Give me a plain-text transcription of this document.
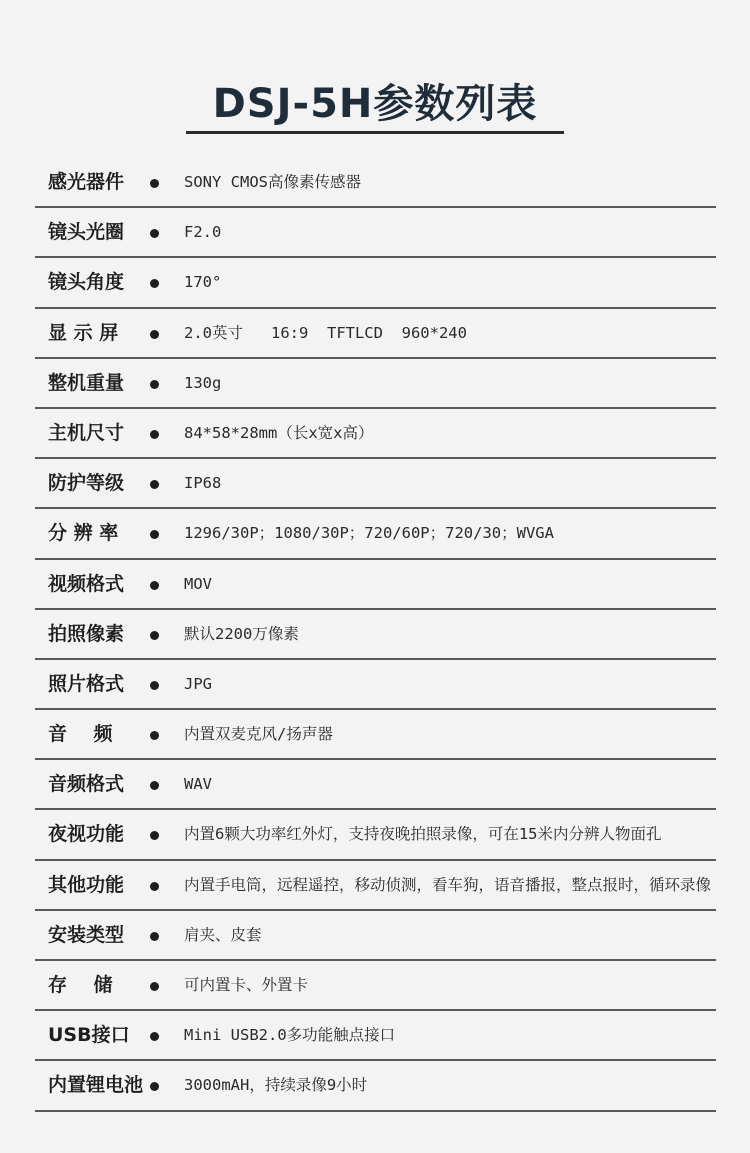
DSJ-5H参数列表
感光器件	SONY CMOS高像素传感器
镜头光圈	F2.0
镜头角度	170°
显 示 屏	2.0英寸   16:9  TFTLCD  960*240
整机重量	130g
主机尺寸	84*58*28mm（长x宽x高）
防护等级	IP68
分 辨 率	1296/30P；1080/30P；720/60P；720/30；WVGA
视频格式	MOV
拍照像素	默认2200万像素
照片格式	JPG
音    频	内置双麦克风/扬声器
音频格式	WAV
夜视功能	内置6颗大功率红外灯，支持夜晚拍照录像，可在15米内分辨人物面孔
其他功能	内置手电筒，远程遥控，移动侦测，看车狗，语音播报，整点报时，循环录像
安装类型	肩夹、皮套
存    储	可内置卡、外置卡
USB接口	Mini USB2.0多功能触点接口
内置锂电池	3000mAH，持续录像9小时
